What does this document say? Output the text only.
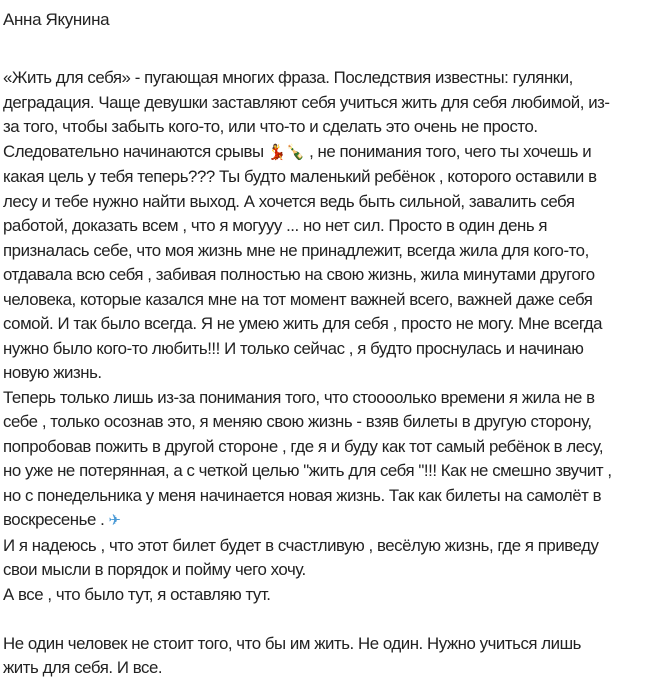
Анна Якунина
«Жить для себя» - пугающая многих фраза. Последствия известны: гулянки,
деградация. Чаще девушки заставляют себя учиться жить для себя любимой, из-
за того, чтобы забыть кого-то, или что-то и сделать это очень не просто.
Следовательно начинаются срывы 💃🍾 , не понимания того, чего ты хочешь и
какая цель у тебя теперь??? Ты будто маленький ребёнок , которого оставили в
лесу и тебе нужно найти выход. А хочется ведь быть сильной, завалить себя
работой, доказать всем , что я могууу ... но нет сил. Просто в один день я
призналась себе, что моя жизнь мне не принадлежит, всегда жила для кого-то,
отдавала всю себя , забивая полностью на свою жизнь, жила минутами другого
человека, которые казался мне на тот момент важней всего, важней даже себя
сомой. И так было всегда. Я не умею жить для себя , просто не могу. Мне всегда
нужно было кого-то любить!!! И только сейчас , я будто проснулась и начинаю
новую жизнь.
Теперь только лишь из-за понимания того, что стоооолько времени я жила не в
себе , только осознав это, я меняю свою жизнь - взяв билеты в другую сторону,
попробовав пожить в другой стороне , где я и буду как тот самый ребёнок в лесу,
но уже не потерянная, а с четкой целью "жить для себя "!!! Как не смешно звучит ,
но с понедельника у меня начинается новая жизнь. Так как билеты на самолёт в
воскресенье . ✈
И я надеюсь , что этот билет будет в счастливую , весёлую жизнь, где я приведу
свои мысли в порядок и пойму чего хочу.
А все , что было тут, я оставляю тут.
Не один человек не стоит того, что бы им жить. Не один. Нужно учиться лишь
жить для себя. И все.
